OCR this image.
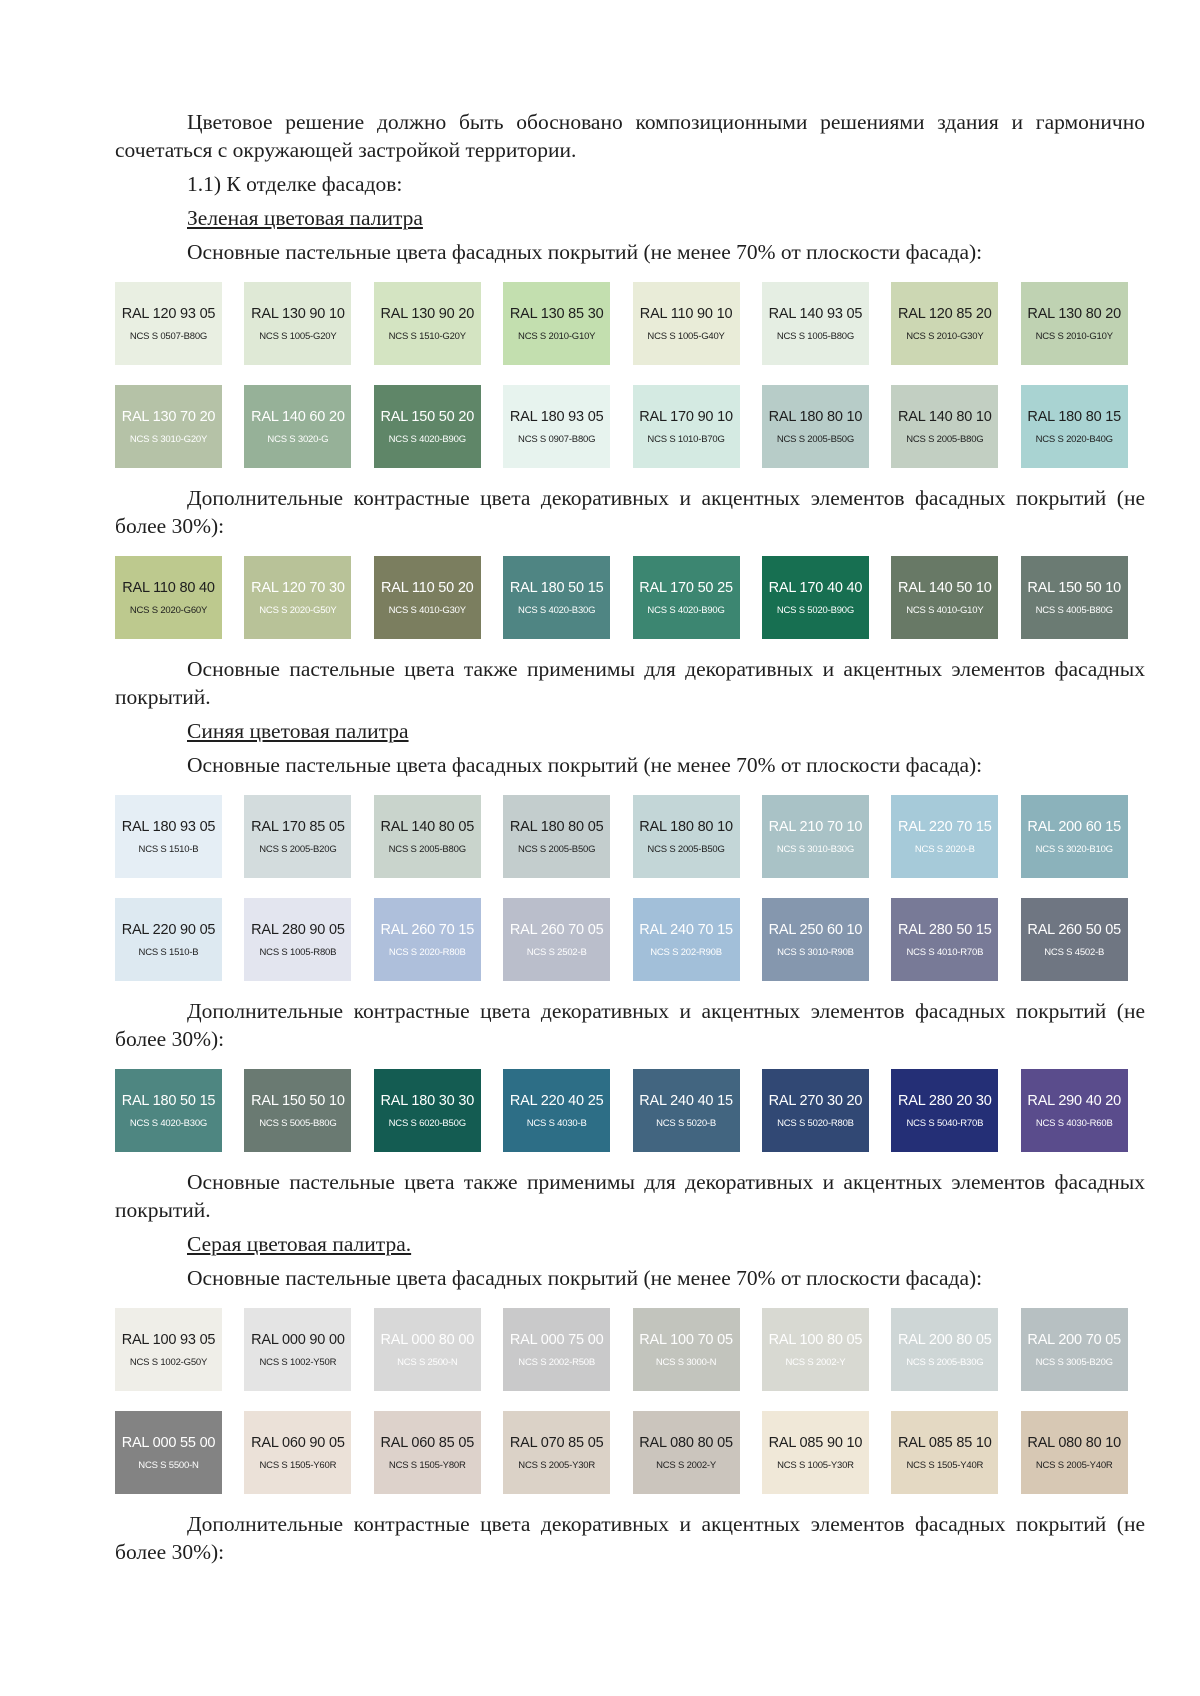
Цветовое решение должно быть обосновано композиционными решениями здания и гармонично сочетаться с окружающей застройкой территории.

1.1) К отделке фасадов:

Зеленая цветовая палитра

Основные пастельные цвета фасадных покрытий (не менее 70% от плоскости фасада):

RAL 120 93 05
NCS S 0507-B80G
RAL 130 90 10
NCS S 1005-G20Y
RAL 130 90 20
NCS S 1510-G20Y
RAL 130 85 30
NCS S 2010-G10Y
RAL 110 90 10
NCS S 1005-G40Y
RAL 140 93 05
NCS S 1005-B80G
RAL 120 85 20
NCS S 2010-G30Y
RAL 130 80 20
NCS S 2010-G10Y
RAL 130 70 20
NCS S 3010-G20Y
RAL 140 60 20
NCS S 3020-G
RAL 150 50 20
NCS S 4020-B90G
RAL 180 93 05
NCS S 0907-B80G
RAL 170 90 10
NCS S 1010-B70G
RAL 180 80 10
NCS S 2005-B50G
RAL 140 80 10
NCS S 2005-B80G
RAL 180 80 15
NCS S 2020-B40G

Дополнительные контрастные цвета декоративных и акцентных элементов фасадных покрытий (не более 30%):

RAL 110 80 40
NCS S 2020-G60Y
RAL 120 70 30
NCS S 2020-G50Y
RAL 110 50 20
NCS S 4010-G30Y
RAL 180 50 15
NCS S 4020-B30G
RAL 170 50 25
NCS S 4020-B90G
RAL 170 40 40
NCS S 5020-B90G
RAL 140 50 10
NCS S 4010-G10Y
RAL 150 50 10
NCS S 4005-B80G

Основные пастельные цвета также применимы для декоративных и акцентных элементов фасадных покрытий.

Синяя цветовая палитра

Основные пастельные цвета фасадных покрытий (не менее 70% от плоскости фасада):

RAL 180 93 05
NCS S 1510-B
RAL 170 85 05
NCS S 2005-B20G
RAL 140 80 05
NCS S 2005-B80G
RAL 180 80 05
NCS S 2005-B50G
RAL 180 80 10
NCS S 2005-B50G
RAL 210 70 10
NCS S 3010-B30G
RAL 220 70 15
NCS S 2020-B
RAL 200 60 15
NCS S 3020-B10G
RAL 220 90 05
NCS S 1510-B
RAL 280 90 05
NCS S 1005-R80B
RAL 260 70 15
NCS S 2020-R80B
RAL 260 70 05
NCS S 2502-B
RAL 240 70 15
NCS S 202-R90B
RAL 250 60 10
NCS S 3010-R90B
RAL 280 50 15
NCS S 4010-R70B
RAL 260 50 05
NCS S 4502-B

Дополнительные контрастные цвета декоративных и акцентных элементов фасадных покрытий (не более 30%):

RAL 180 50 15
NCS S 4020-B30G
RAL 150 50 10
NCS S 5005-B80G
RAL 180 30 30
NCS S 6020-B50G
RAL 220 40 25
NCS S 4030-B
RAL 240 40 15
NCS S 5020-B
RAL 270 30 20
NCS S 5020-R80B
RAL 280 20 30
NCS S 5040-R70B
RAL 290 40 20
NCS S 4030-R60B

Основные пастельные цвета также применимы для декоративных и акцентных элементов фасадных покрытий.

Серая цветовая палитра.

Основные пастельные цвета фасадных покрытий (не менее 70% от плоскости фасада):

RAL 100 93 05
NCS S 1002-G50Y
RAL 000 90 00
NCS S 1002-Y50R
RAL 000 80 00
NCS S 2500-N
RAL 000 75 00
NCS S 2002-R50B
RAL 100 70 05
NCS S 3000-N
RAL 100 80 05
NCS S 2002-Y
RAL 200 80 05
NCS S 2005-B30G
RAL 200 70 05
NCS S 3005-B20G
RAL 000 55 00
NCS S 5500-N
RAL 060 90 05
NCS S 1505-Y60R
RAL 060 85 05
NCS S 1505-Y80R
RAL 070 85 05
NCS S 2005-Y30R
RAL 080 80 05
NCS S 2002-Y
RAL 085 90 10
NCS S 1005-Y30R
RAL 085 85 10
NCS S 1505-Y40R
RAL 080 80 10
NCS S 2005-Y40R

Дополнительные контрастные цвета декоративных и акцентных элементов фасадных покрытий (не более 30%):
